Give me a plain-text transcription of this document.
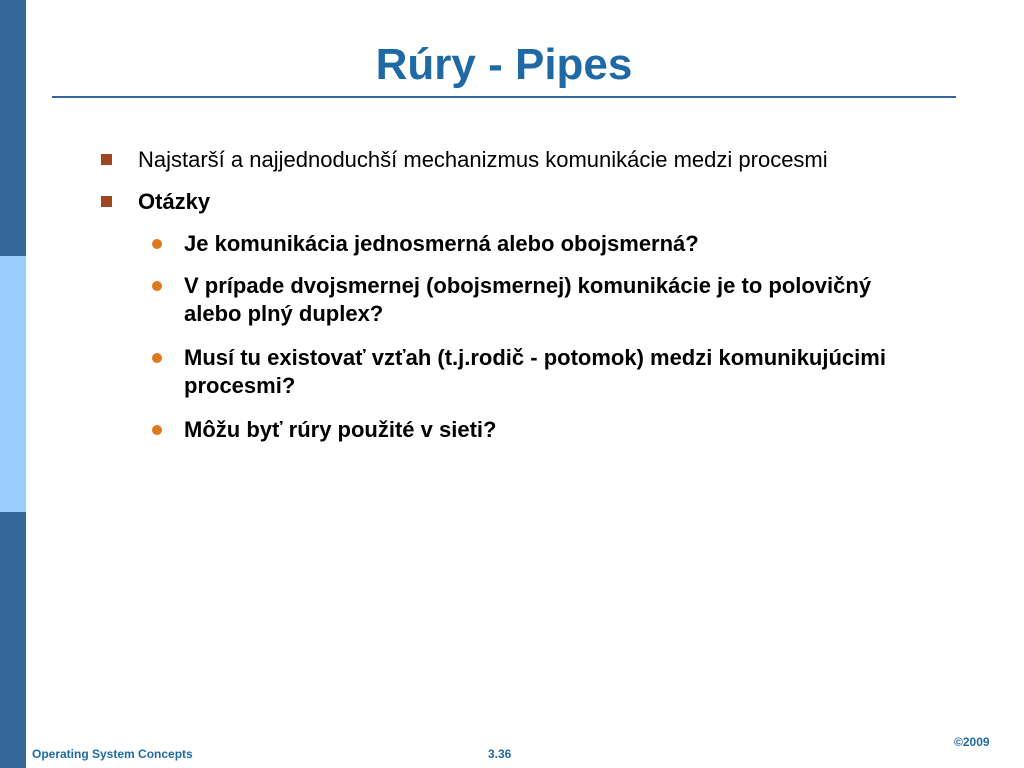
Rúry - Pipes
Najstarší a najjednoduchší mechanizmus komunikácie medzi procesmi
Otázky
Je komunikácia jednosmerná alebo obojsmerná?
V prípade dvojsmernej (obojsmernej) komunikácie je to polovičný alebo plný duplex?
Musí tu existovať vzťah (t.j.rodič - potomok) medzi komunikujúcimi procesmi?
Môžu byť rúry použité v sieti?
Operating System Concepts	3.36
©2009
